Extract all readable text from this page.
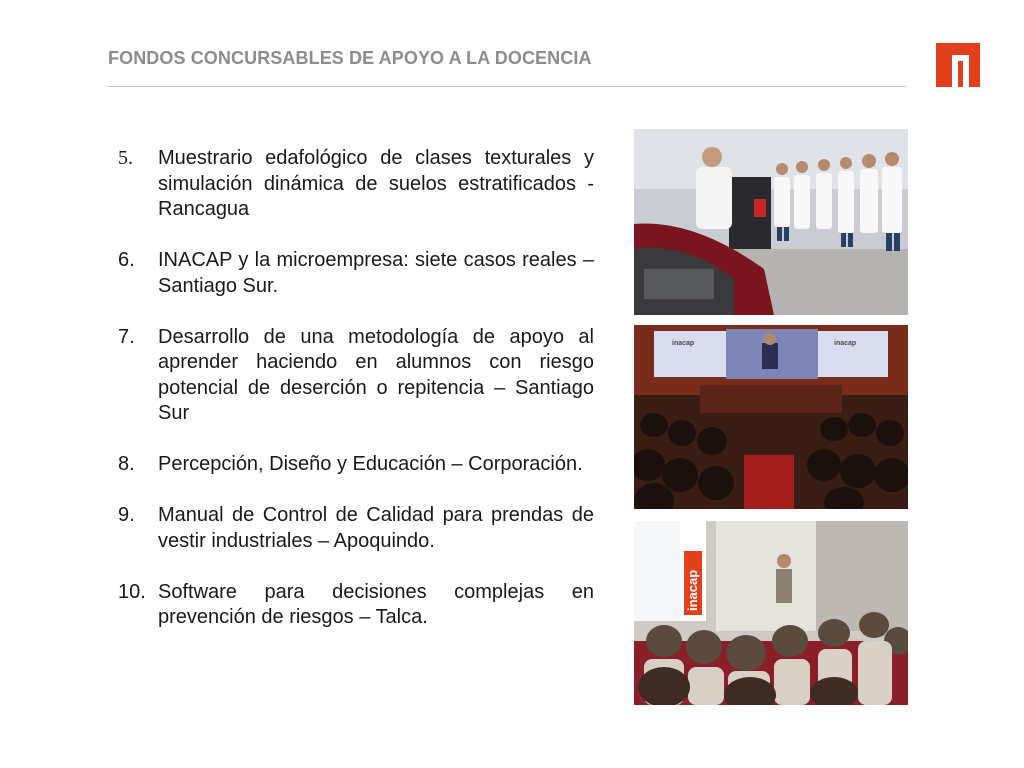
FONDOS CONCURSABLES DE APOYO A LA DOCENCIA
5. Muestrario edafológico de clases texturales y simulación dinámica de suelos estratificados - Rancagua
6. INACAP y la microempresa: siete casos reales – Santiago Sur.
7. Desarrollo de una metodología de apoyo al aprender haciendo en alumnos con riesgo potencial de deserción o repitencia – Santiago Sur
8. Percepción, Diseño y Educación – Corporación.
9. Manual de Control de Calidad para prendas de vestir industriales – Apoquindo.
10. Software para decisiones complejas en prevención de riesgos – Talca.
inacap	inacap
inacap
